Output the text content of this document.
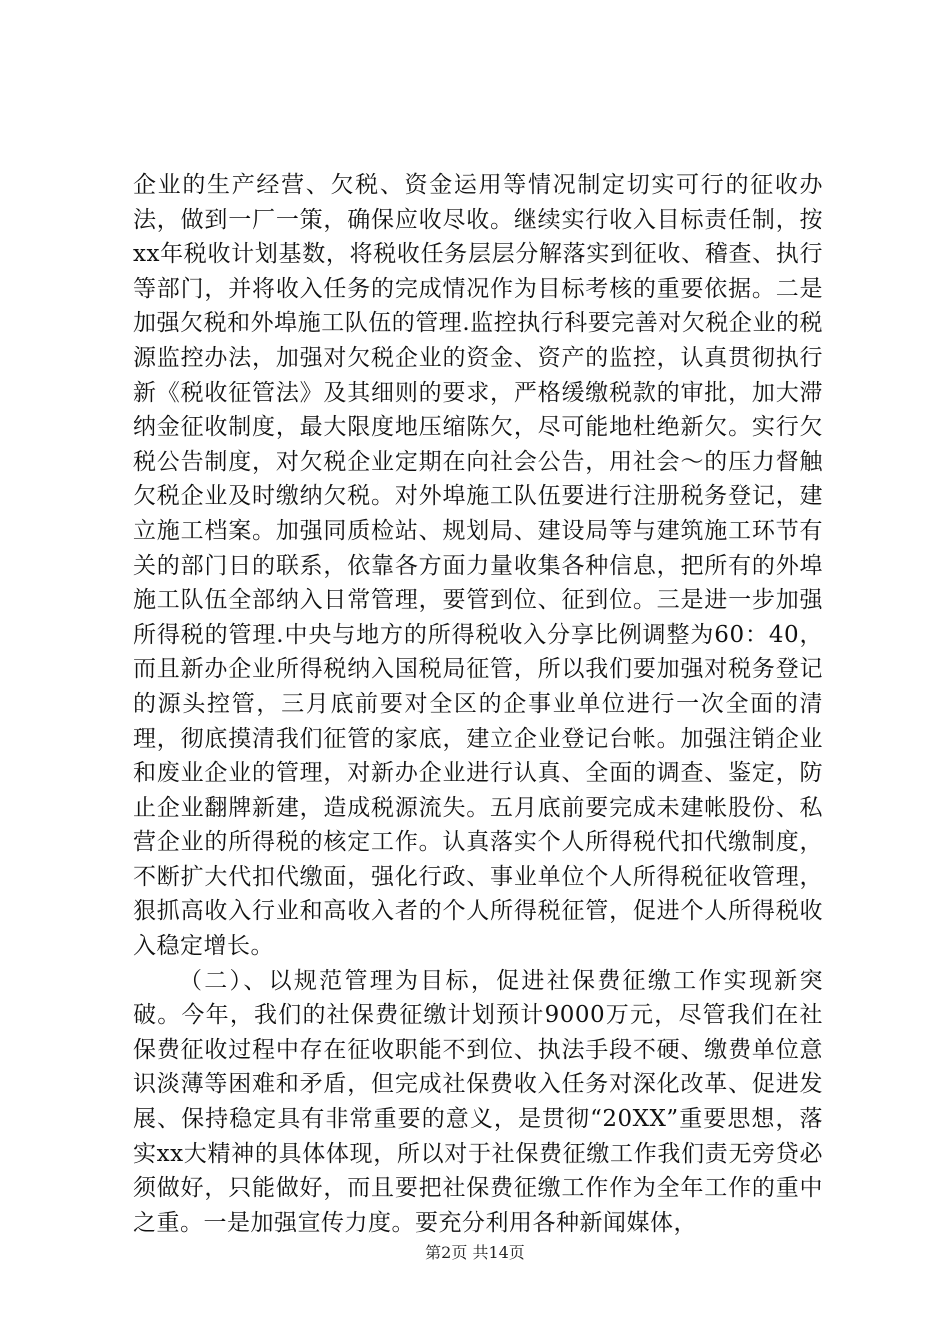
企业的生产经营、欠税、资金运用等情况制定切实可行的征收办法，做到一厂一策，确保应收尽收。继续实行收入目标责任制，按xx年税收计划基数，将税收任务层层分解落实到征收、稽查、执行等部门，并将收入任务的完成情况作为目标考核的重要依据。二是加强欠税和外埠施工队伍的管理.监控执行科要完善对欠税企业的税源监控办法，加强对欠税企业的资金、资产的监控，认真贯彻执行新《税收征管法》及其细则的要求，严格缓缴税款的审批，加大滞纳金征收制度，最大限度地压缩陈欠，尽可能地杜绝新欠。实行欠税公告制度，对欠税企业定期在向社会公告，用社会～的压力督触欠税企业及时缴纳欠税。对外埠施工队伍要进行注册税务登记，建立施工档案。加强同质检站、规划局、建设局等与建筑施工环节有关的部门日的联系，依靠各方面力量收集各种信息，把所有的外埠施工队伍全部纳入日常管理，要管到位、征到位。三是进一步加强所得税的管理.中央与地方的所得税收入分享比例调整为60：40，而且新办企业所得税纳入国税局征管，所以我们要加强对税务登记的源头控管，三月底前要对全区的企事业单位进行一次全面的清理，彻底摸清我们征管的家底，建立企业登记台帐。加强注销企业和废业企业的管理，对新办企业进行认真、全面的调查、鉴定，防止企业翻牌新建，造成税源流失。五月底前要完成未建帐股份、私营企业的所得税的核定工作。认真落实个人所得税代扣代缴制度，不断扩大代扣代缴面，强化行政、事业单位个人所得税征收管理，狠抓高收入行业和高收入者的个人所得税征管，促进个人所得税收入稳定增长。

（二）、以规范管理为目标，促进社保费征缴工作实现新突破。今年，我们的社保费征缴计划预计9000万元，尽管我们在社保费征收过程中存在征收职能不到位、执法手段不硬、缴费单位意识淡薄等困难和矛盾，但完成社保费收入任务对深化改革、促进发展、保持稳定具有非常重要的意义，是贯彻“20XX”重要思想，落实xx大精神的具体体现，所以对于社保费征缴工作我们责无旁贷必须做好，只能做好，而且要把社保费征缴工作作为全年工作的重中之重。一是加强宣传力度。要充分利用各种新闻媒体，

第2页 共14页
